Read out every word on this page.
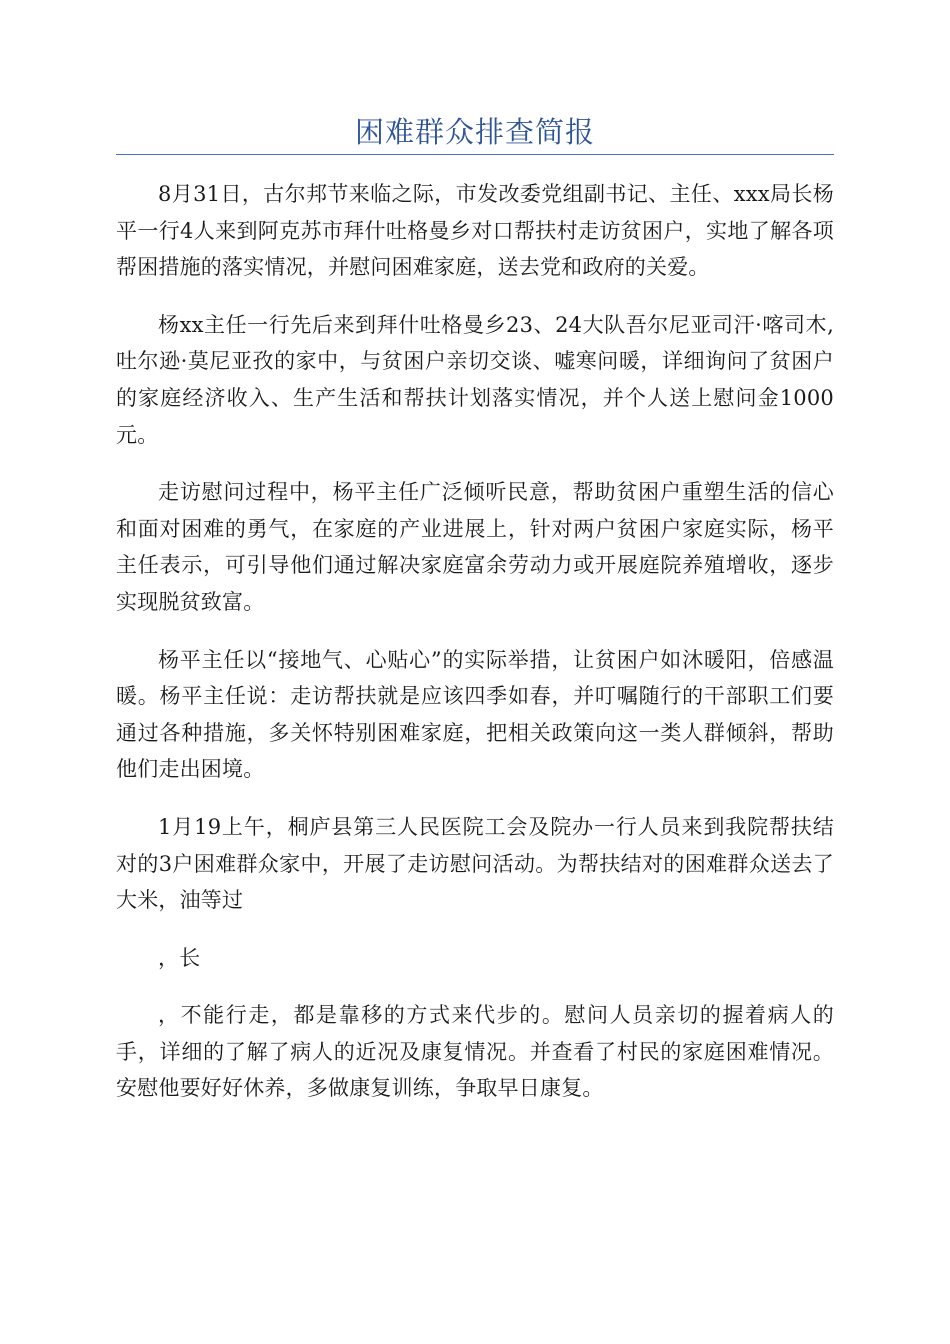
困难群众排查简报

8月31日，古尔邦节来临之际，市发改委党组副书记、主任、xxx局长杨平一行4人来到阿克苏市拜什吐格曼乡对口帮扶村走访贫困户，实地了解各项帮困措施的落实情况，并慰问困难家庭，送去党和政府的关爱。

杨xx主任一行先后来到拜什吐格曼乡23、24大队吾尔尼亚司汗·喀司木,吐尔逊·莫尼亚孜的家中，与贫困户亲切交谈、嘘寒问暖，详细询问了贫困户的家庭经济收入、生产生活和帮扶计划落实情况，并个人送上慰问金1000元。

走访慰问过程中，杨平主任广泛倾听民意，帮助贫困户重塑生活的信心和面对困难的勇气，在家庭的产业进展上，针对两户贫困户家庭实际，杨平主任表示，可引导他们通过解决家庭富余劳动力或开展庭院养殖增收，逐步实现脱贫致富。

杨平主任以“接地气、心贴心”的实际举措，让贫困户如沐暖阳，倍感温暖。杨平主任说：走访帮扶就是应该四季如春，并叮嘱随行的干部职工们要通过各种措施，多关怀特别困难家庭，把相关政策向这一类人群倾斜，帮助他们走出困境。

1月19上午，桐庐县第三人民医院工会及院办一行人员来到我院帮扶结对的3户困难群众家中，开展了走访慰问活动。为帮扶结对的困难群众送去了大米，油等过

，长

，不能行走，都是靠移的方式来代步的。慰问人员亲切的握着病人的手，详细的了解了病人的近况及康复情况。并查看了村民的家庭困难情况。安慰他要好好休养，多做康复训练，争取早日康复。
